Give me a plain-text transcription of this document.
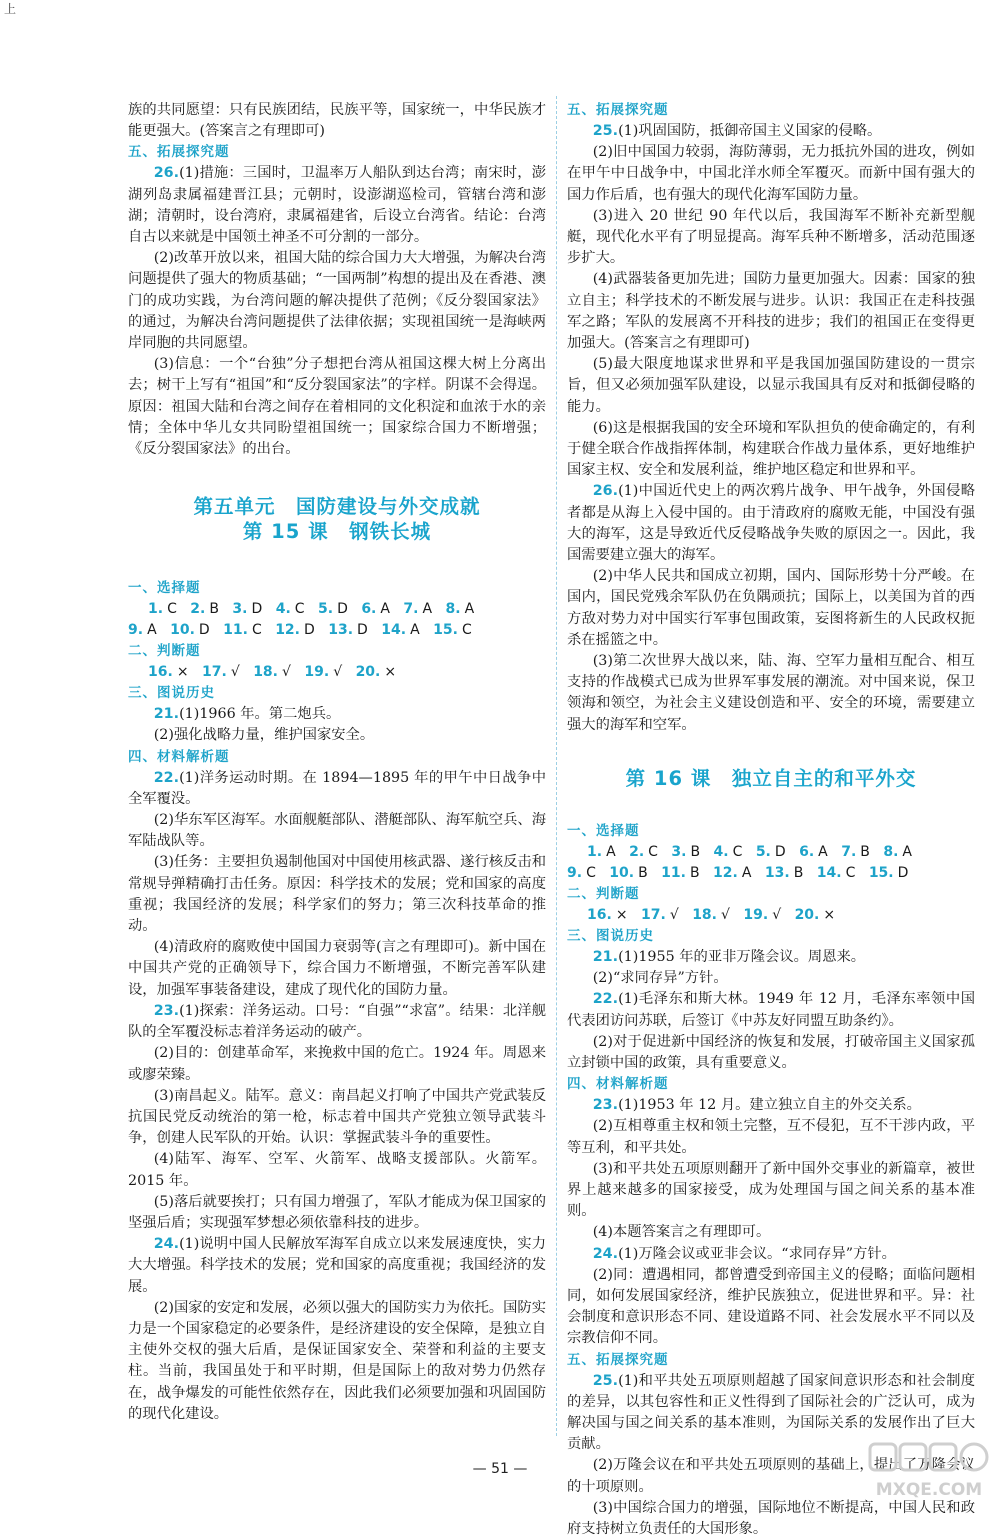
上

族的共同愿望：只有民族团结，民族平等，国家统一，中华民族才能更强大。(答案言之有理即可)

五、拓展探究题

26.(1)措施：三国时，卫温率万人船队到达台湾；南宋时，澎湖列岛隶属福建晋江县；元朝时，设澎湖巡检司，管辖台湾和澎湖；清朝时，设台湾府，隶属福建省，后设立台湾省。结论：台湾自古以来就是中国领土神圣不可分割的一部分。

(2)改革开放以来，祖国大陆的综合国力大大增强，为解决台湾问题提供了强大的物质基础；“一国两制”构想的提出及在香港、澳门的成功实践，为台湾问题的解决提供了范例；《反分裂国家法》的通过，为解决台湾问题提供了法律依据；实现祖国统一是海峡两岸同胞的共同愿望。

(3)信息：一个“台独”分子想把台湾从祖国这棵大树上分离出去；树干上写有“祖国”和“反分裂国家法”的字样。阴谋不会得逞。原因：祖国大陆和台湾之间存在着相同的文化积淀和血浓于水的亲情；全体中华儿女共同盼望祖国统一；国家综合国力不断增强；《反分裂国家法》的出台。

第五单元　国防建设与外交成就

第 15 课　钢铁长城

一、选择题

1. C 2. B 3. D 4. C 5. D 6. A 7. A 8. A

9. A 10. D 11. C 12. D 13. D 14. A 15. C

二、判断题

16. × 17. √ 18. √ 19. √ 20. ×

三、图说历史

21.(1)1966 年。第二炮兵。

(2)强化战略力量，维护国家安全。

四、材料解析题

22.(1)洋务运动时期。在 1894—1895 年的甲午中日战争中全军覆没。

(2)华东军区海军。水面舰艇部队、潜艇部队、海军航空兵、海军陆战队等。

(3)任务：主要担负遏制他国对中国使用核武器、遂行核反击和常规导弹精确打击任务。原因：科学技术的发展；党和国家的高度重视；我国经济的发展；科学家们的努力；第三次科技革命的推动。

(4)清政府的腐败使中国国力衰弱等(言之有理即可)。新中国在中国共产党的正确领导下，综合国力不断增强，不断完善军队建设，加强军事装备建设，建成了现代化的国防力量。

23.(1)探索：洋务运动。口号：“自强”“求富”。结果：北洋舰队的全军覆没标志着洋务运动的破产。

(2)目的：创建革命军，来挽救中国的危亡。1924 年。周恩来或廖荣臻。

(3)南昌起义。陆军。意义：南昌起义打响了中国共产党武装反抗国民党反动统治的第一枪，标志着中国共产党独立领导武装斗争，创建人民军队的开始。认识：掌握武装斗争的重要性。

(4)陆军、海军、空军、火箭军、战略支援部队。火箭军。2015 年。

(5)落后就要挨打；只有国力增强了，军队才能成为保卫国家的坚强后盾；实现强军梦想必须依靠科技的进步。

24.(1)说明中国人民解放军海军自成立以来发展速度快，实力大大增强。科学技术的发展；党和国家的高度重视；我国经济的发展。

(2)国家的安定和发展，必须以强大的国防实力为依托。国防实力是一个国家稳定的必要条件，是经济建设的安全保障，是独立自主使外交权的强大后盾，是保证国家安全、荣誉和利益的主要支柱。当前，我国虽处于和平时期，但是国际上的敌对势力仍然存在，战争爆发的可能性依然存在，因此我们必须要加强和巩固国防的现代化建设。

五、拓展探究题

25.(1)巩固国防，抵御帝国主义国家的侵略。

(2)旧中国国力较弱，海防薄弱，无力抵抗外国的进攻，例如在甲午中日战争中，中国北洋水师全军覆灭。而新中国有强大的国力作后盾，也有强大的现代化海军国防力量。

(3)进入 20 世纪 90 年代以后，我国海军不断补充新型舰艇，现代化水平有了明显提高。海军兵种不断增多，活动范围逐步扩大。

(4)武器装备更加先进；国防力量更加强大。因素：国家的独立自主；科学技术的不断发展与进步。认识：我国正在走科技强军之路；军队的发展离不开科技的进步；我们的祖国正在变得更加强大。(答案言之有理即可)

(5)最大限度地谋求世界和平是我国加强国防建设的一贯宗旨，但又必须加强军队建设，以显示我国具有反对和抵御侵略的能力。

(6)这是根据我国的安全环境和军队担负的使命确定的，有利于健全联合作战指挥体制，构建联合作战力量体系，更好地维护国家主权、安全和发展利益，维护地区稳定和世界和平。

26.(1)中国近代史上的两次鸦片战争、甲午战争，外国侵略者都是从海上入侵中国的。由于清政府的腐败无能，中国没有强大的海军，这是导致近代反侵略战争失败的原因之一。因此，我国需要建立强大的海军。

(2)中华人民共和国成立初期，国内、国际形势十分严峻。在国内，国民党残余军队仍在负隅顽抗；国际上，以美国为首的西方敌对势力对中国实行军事包围政策，妄图将新生的人民政权扼杀在摇篮之中。

(3)第二次世界大战以来，陆、海、空军力量相互配合、相互支持的作战模式已成为世界军事发展的潮流。对中国来说，保卫领海和领空，为社会主义建设创造和平、安全的环境，需要建立强大的海军和空军。

第 16 课　独立自主的和平外交

一、选择题

1. A 2. C 3. B 4. C 5. D 6. A 7. B 8. A

9. C 10. B 11. B 12. A 13. B 14. C 15. D

二、判断题

16. × 17. √ 18. √ 19. √ 20. ×

三、图说历史

21.(1)1955 年的亚非万隆会议。周恩来。

(2)“求同存异”方针。

22.(1)毛泽东和斯大林。1949 年 12 月，毛泽东率领中国代表团访问苏联，后签订《中苏友好同盟互助条约》。

(2)对于促进新中国经济的恢复和发展，打破帝国主义国家孤立封锁中国的政策，具有重要意义。

四、材料解析题

23.(1)1953 年 12 月。建立独立自主的外交关系。

(2)互相尊重主权和领土完整，互不侵犯，互不干涉内政，平等互利，和平共处。

(3)和平共处五项原则翻开了新中国外交事业的新篇章，被世界上越来越多的国家接受，成为处理国与国之间关系的基本准则。

(4)本题答案言之有理即可。

24.(1)万隆会议或亚非会议。“求同存异”方针。

(2)同：遭遇相同，都曾遭受到帝国主义的侵略；面临问题相同，如何发展国家经济，维护民族独立，促进世界和平。异：社会制度和意识形态不同、建设道路不同、社会发展水平不同以及宗教信仰不同。

五、拓展探究题

25.(1)和平共处五项原则超越了国家间意识形态和社会制度的差异，以其包容性和正义性得到了国际社会的广泛认可，成为解决国与国之间关系的基本准则，为国际关系的发展作出了巨大贡献。

(2)万隆会议在和平共处五项原则的基础上，提出了万隆会议的十项原则。

(3)中国综合国力的增强，国际地位不断提高，中国人民和政府支持树立负责任的大国形象。

— 51 —
MXQE.COM
